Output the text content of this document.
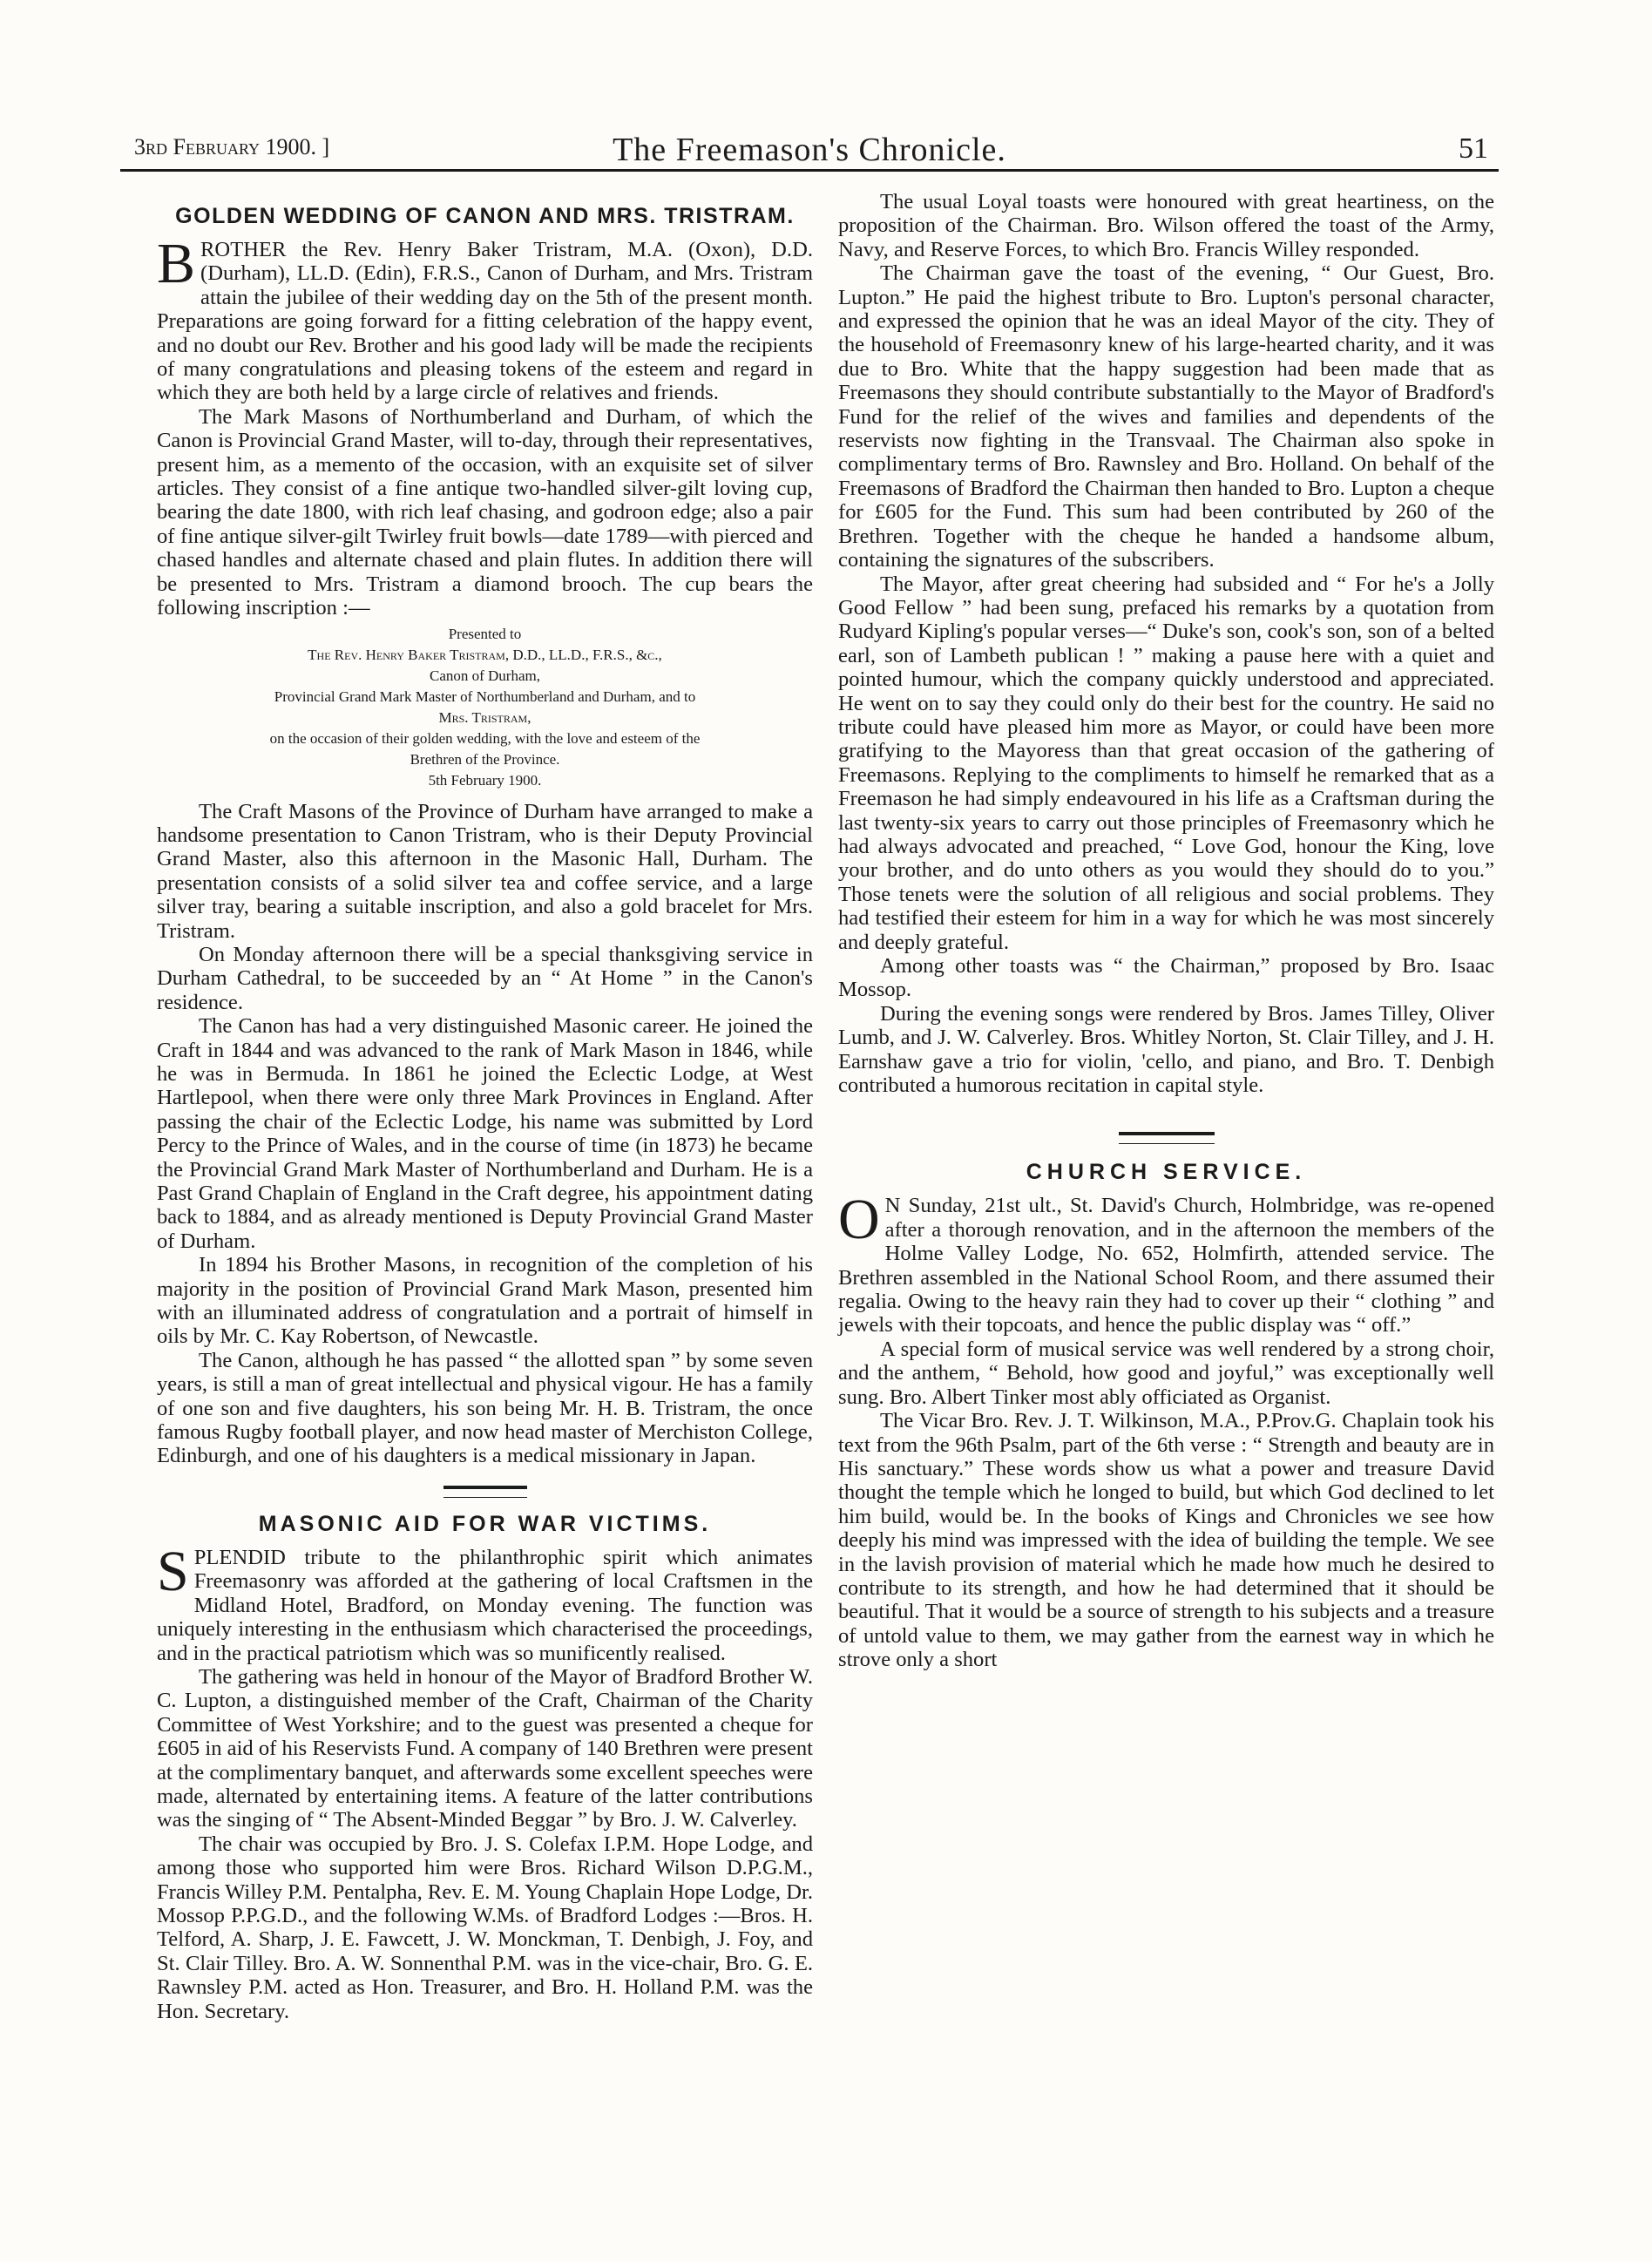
3rd February 1900. ]	The Freemason's Chronicle.	51
GOLDEN WEDDING OF CANON AND MRS. TRISTRAM.

BROTHER the Rev. Henry Baker Tristram, M.A. (Oxon), D.D. (Durham), LL.D. (Edin), F.R.S., Canon of Durham, and Mrs. Tristram attain the jubilee of their wedding day on the 5th of the present month. Preparations are going forward for a fitting celebration of the happy event, and no doubt our Rev. Brother and his good lady will be made the recipients of many congratulations and pleasing tokens of the esteem and regard in which they are both held by a large circle of relatives and friends.

The Mark Masons of Northumberland and Durham, of which the Canon is Provincial Grand Master, will to-day, through their representatives, present him, as a memento of the occasion, with an exquisite set of silver articles. They consist of a fine antique two-handled silver-gilt loving cup, bearing the date 1800, with rich leaf chasing, and godroon edge; also a pair of fine antique silver-gilt Twirley fruit bowls—date 1789—with pierced and chased handles and alternate chased and plain flutes. In addition there will be presented to Mrs. Tristram a diamond brooch. The cup bears the following inscription :—

Presented to
The Rev. Henry Baker Tristram, D.D., LL.D., F.R.S., &c.,
Canon of Durham,
Provincial Grand Mark Master of Northumberland and Durham, and to
Mrs. Tristram,
on the occasion of their golden wedding, with the love and esteem of the
Brethren of the Province.
5th February 1900.

The Craft Masons of the Province of Durham have arranged to make a handsome presentation to Canon Tristram, who is their Deputy Provincial Grand Master, also this afternoon in the Masonic Hall, Durham. The presentation consists of a solid silver tea and coffee service, and a large silver tray, bearing a suitable inscription, and also a gold bracelet for Mrs. Tristram.

On Monday afternoon there will be a special thanksgiving service in Durham Cathedral, to be succeeded by an “ At Home ” in the Canon's residence.

The Canon has had a very distinguished Masonic career. He joined the Craft in 1844 and was advanced to the rank of Mark Mason in 1846, while he was in Bermuda. In 1861 he joined the Eclectic Lodge, at West Hartlepool, when there were only three Mark Provinces in England. After passing the chair of the Eclectic Lodge, his name was submitted by Lord Percy to the Prince of Wales, and in the course of time (in 1873) he became the Provincial Grand Mark Master of Northumberland and Durham. He is a Past Grand Chaplain of England in the Craft degree, his appointment dating back to 1884, and as already mentioned is Deputy Provincial Grand Master of Durham.

In 1894 his Brother Masons, in recognition of the completion of his majority in the position of Provincial Grand Mark Mason, presented him with an illuminated address of congratulation and a portrait of himself in oils by Mr. C. Kay Robertson, of Newcastle.

The Canon, although he has passed “ the allotted span ” by some seven years, is still a man of great intellectual and physical vigour. He has a family of one son and five daughters, his son being Mr. H. B. Tristram, the once famous Rugby football player, and now head master of Merchiston College, Edinburgh, and one of his daughters is a medical missionary in Japan.

MASONIC AID FOR WAR VICTIMS.

SPLENDID tribute to the philanthrophic spirit which animates Freemasonry was afforded at the gathering of local Craftsmen in the Midland Hotel, Bradford, on Monday evening. The function was uniquely interesting in the enthusiasm which characterised the proceedings, and in the practical patriotism which was so munificently realised.

The gathering was held in honour of the Mayor of Bradford Brother W. C. Lupton, a distinguished member of the Craft, Chairman of the Charity Committee of West Yorkshire; and to the guest was presented a cheque for £605 in aid of his Reservists Fund. A company of 140 Brethren were present at the complimentary banquet, and afterwards some excellent speeches were made, alternated by entertaining items. A feature of the latter contributions was the singing of “ The Absent-Minded Beggar ” by Bro. J. W. Calverley.

The chair was occupied by Bro. J. S. Colefax I.P.M. Hope Lodge, and among those who supported him were Bros. Richard Wilson D.P.G.M., Francis Willey P.M. Pentalpha, Rev. E. M. Young Chaplain Hope Lodge, Dr. Mossop P.P.G.D., and the following W.Ms. of Bradford Lodges :—Bros. H. Telford, A. Sharp, J. E. Fawcett, J. W. Monckman, T. Denbigh, J. Foy, and St. Clair Tilley. Bro. A. W. Sonnenthal P.M. was in the vice-chair, Bro. G. E. Rawnsley P.M. acted as Hon. Treasurer, and Bro. H. Holland P.M. was the Hon. Secretary.

The usual Loyal toasts were honoured with great heartiness, on the proposition of the Chairman. Bro. Wilson offered the toast of the Army, Navy, and Reserve Forces, to which Bro. Francis Willey responded.

The Chairman gave the toast of the evening, “ Our Guest, Bro. Lupton.” He paid the highest tribute to Bro. Lupton's personal character, and expressed the opinion that he was an ideal Mayor of the city. They of the household of Freemasonry knew of his large-hearted charity, and it was due to Bro. White that the happy suggestion had been made that as Freemasons they should contribute substantially to the Mayor of Bradford's Fund for the relief of the wives and families and dependents of the reservists now fighting in the Transvaal. The Chairman also spoke in complimentary terms of Bro. Rawnsley and Bro. Holland. On behalf of the Freemasons of Bradford the Chairman then handed to Bro. Lupton a cheque for £605 for the Fund. This sum had been contributed by 260 of the Brethren. Together with the cheque he handed a handsome album, containing the signatures of the subscribers.

The Mayor, after great cheering had subsided and “ For he's a Jolly Good Fellow ” had been sung, prefaced his remarks by a quotation from Rudyard Kipling's popular verses—“ Duke's son, cook's son, son of a belted earl, son of Lambeth publican ! ” making a pause here with a quiet and pointed humour, which the company quickly understood and appreciated. He went on to say they could only do their best for the country. He said no tribute could have pleased him more as Mayor, or could have been more gratifying to the Mayoress than that great occasion of the gathering of Freemasons. Replying to the compliments to himself he remarked that as a Freemason he had simply endeavoured in his life as a Craftsman during the last twenty-six years to carry out those principles of Freemasonry which he had always advocated and preached, “ Love God, honour the King, love your brother, and do unto others as you would they should do to you.” Those tenets were the solution of all religious and social problems. They had testified their esteem for him in a way for which he was most sincerely and deeply grateful.

Among other toasts was “ the Chairman,” proposed by Bro. Isaac Mossop.

During the evening songs were rendered by Bros. James Tilley, Oliver Lumb, and J. W. Calverley. Bros. Whitley Norton, St. Clair Tilley, and J. H. Earnshaw gave a trio for violin, 'cello, and piano, and Bro. T. Denbigh contributed a humorous recitation in capital style.

CHURCH SERVICE.

O N Sunday, 21st ult., St. David's Church, Holmbridge, was re-opened after a thorough renovation, and in the afternoon the members of the Holme Valley Lodge, No. 652, Holmfirth, attended service. The Brethren assembled in the National School Room, and there assumed their regalia. Owing to the heavy rain they had to cover up their “ clothing ” and jewels with their topcoats, and hence the public display was “ off.”

A special form of musical service was well rendered by a strong choir, and the anthem, “ Behold, how good and joyful,” was exceptionally well sung. Bro. Albert Tinker most ably officiated as Organist.

The Vicar Bro. Rev. J. T. Wilkinson, M.A., P.Prov.G. Chaplain took his text from the 96th Psalm, part of the 6th verse : “ Strength and beauty are in His sanctuary.” These words show us what a power and treasure David thought the temple which he longed to build, but which God declined to let him build, would be. In the books of Kings and Chronicles we see how deeply his mind was impressed with the idea of building the temple. We see in the lavish provision of material which he made how much he desired to contribute to its strength, and how he had determined that it should be beautiful. That it would be a source of strength to his subjects and a treasure of untold value to them, we may gather from the earnest way in which he strove only a short
